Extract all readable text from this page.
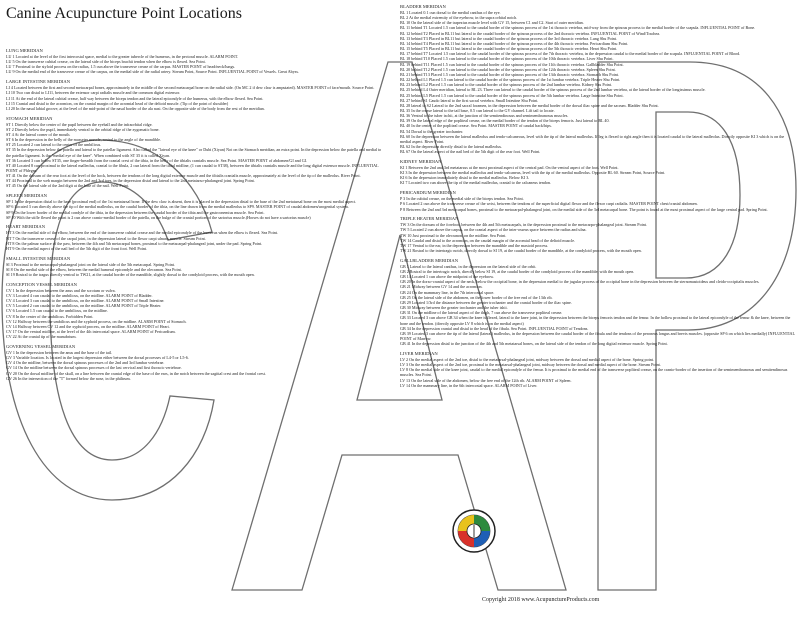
Canine Acupuncture Point Locations
LUNG MERIDIAN
LU 1 Located at the level of the first intercostal space, medial to the greater tubercle of the humerus, in the pectoral muscle. ALARM POINT.
LU 5 On the transverse cubital crease, on the lateral side of the biceps brachii tendon when the elbow is flexed. Sea Point.
LU 7 Proximal to the styloid process on the radius, 1.5 cun above the transverse crease of the carpus. MASTER POINT of head/neck/lungs.
LU 9 On the medial end of the transverse crease of the carpus, on the medial side of the radial artery. Stream Point, Source Point. INFLUENTIAL POINT of Vessels. Great Abyss.
LARGE INTESTINE MERIDIAN
LI 4 Located between the first and second metacarpal bones, approximately in the middle of the second metacarpal bone on the radial side. (On MC 2 if dew claw is amputated). MASTER POINT of face/mouth. Source Point.
LI 10 Two cun distal to LI11, between the extensor carpi radialis muscle and the common digital extensor.
LI 11 At the end of the lateral cubital crease, half way between the biceps tendon and the lateral epicondyle of the humerus, with the elbow flexed. Sea Point.
LI 15 Cranial and distal to the acromion, on the cranial margin of the acromial head of the deltoid muscle. (Tip of the point of shoulder)
LI 20 In the nasal labial groove, at the level of the mid-point of the nasal border of the ala nasi. On the opposite side of the body from the rest of the meridian.
STOMACH MERIDIAN
ST 1 Directly below the center of the pupil between the eyeball and the infraorbital ridge.
ST 2 Directly below the pupil, immediately ventral to the orbital ridge of the zygomatic bone.
ST 4 At the lateral corner of the mouth.
ST 6 In the depression in the belly of the masseter muscle, rostral to the angle of the mandible.
ST 25 Located 2 cun lateral to the center of the umbilicus.
ST 35 In the depression below the patella and lateral to the patellar ligament. Also called the "lateral eye of the knee" or Dubi (Xiyan) Not on the Stomach meridian, an extra point. In the depression below the patella and medial to the patellar ligament. Is the "medial eye of the knee". When combined with ST 35 it is called Xiyan.
ST 36 Located 3 cun below ST35, one finger-breadth from the cranial crest of the tibia, in the belly of the tibialis cranialis muscle. Sea Point. MASTER POINT of abdomen/GI and GI.
ST 40 Located 8 cun proximal to the lateral malleolus, cranial to the fibula, 2 cun lateral from the tibial midline, (1 cun caudal to ST38), between the tibialis cranialis muscle and the long digital extensor muscle. INFLUENTIAL POINT of Phlegm.
ST 41 On the dorsum of the rear foot at the level of the hock, between the tendons of the long digital extensor muscle and the tibialis cranialis muscle, approximately at the level of the tip of the malleolus. River Point.
ST 44 Proximal to the web margin between the 2nd and 3rd toes, in the depression distal and lateral to the 2nd metatarso-phalangeal joint. Spring Point.
ST 45 On the lateral side of the 2nd digit at the base of the nail. Well Point.
SPLEEN MERIDIAN
SP 1 In the depression distal to the base (proximal end) of the 1st metatarsal bone. If the dew claw is absent, then it is placed in the depression distal to the base of the 2nd metatarsal bone on the most medial aspect.
SP 6 Located 3 cun directly above the tip of the medial malleolus, on the caudal border of the tibia, on the line drawn from the medial malleolus to SP9. MASTER POINT of caudal abdomen/urogenital system.
SP 9 On the lower border of the medial condyle of the tibia, in the depression between the caudal border of the tibia and the gastrocnemius muscle. Sea Point.
SP 10 With the stifle flexed the point is 2 cun above cranio-medial border of the patella, on the bulge of the cranial portion of the sartorius muscle.(Horses do not have a sartorius muscle)
HEART MERIDIAN
HT 3 On the medial side of the elbow, between the end of the transverse cubital crease and the medial epicondyle of the humerus when the elbow is flexed. Sea Point.
HT 7 On the transverse crease of the carpal joint, in the depression lateral to the flexor carpi ulnaris muscle. Stream Point.
HT 8 On the palmar surface of the paw, between the 4th and 5th metacarpal bones, proximal to the metacarpal-phalangeal joint, under the pad. Spring Point.
HT 9 On the medial aspect of the nail bed of the 5th digit of the front foot. Well Point.
SMALL INTESTINE MERIDIAN
SI 3 Proximal to the metacarpal-phalangeal joint on the lateral side of the 5th metacarpal. Spring Point.
SI 8 On the medial side of the elbow, between the medial humeral epicondyle and the olecranon. Sea Point.
SI 19 Rostral to the tragus directly ventral to TW21, at the caudal border of the mandible, slightly dorsal to the condyloid process, with the mouth open.
CONCEPTION VESSEL MERIDIAN
CV 1 In the depression between the anus and the scrotum or vulva.
CV 3 Located 4 cun caudal to the umbilicus, on the midline. ALARM POINT of Bladder.
CV 4 Located 3 cun caudal to the umbilicus, on the midline. ALARM POINT of Small Intestine.
CV 5 Located 2 cun caudal to the umbilicus, on the midline. ALARM POINT of Triple Heater.
CV 6 Located 1.5 cun caudal to the umbilicus, on the midline.
CV 8 In the center of the umbilicus. Forbidden Point.
CV 12 Halfway between the umbilicus and the xyphoid process, on the midline. ALARM POINT of Stomach.
CV 14 Halfway between CV 12 and the xyphoid process, on the midline. ALARM POINT of Heart.
CV 17 On the ventral midline, at the level of the 4th intercostal space. ALARM POINT of Pericardium.
CV 22 At the cranial tip of the manubrium.
GOVERNING VESSEL MERIDIAN
GV 1 In the depression between the anus and the base of the tail.
GV 3 Variable location. Is located in the largest depression either between the dorsal processes of L4-5 or L5-6.
GV 4 On the midline, between the dorsal spinous processes of the 2nd and 3rd lumbar vertebrae.
GV 14 On the midline between the dorsal spinous processes of the last cervical and first thoracic vertebrae.
GV 20 On the dorsal midline of the skull, on a line between the cranial edge of the base of the ears, in the notch between the sagittal crest and the frontal crest.
GV 26 In the intersection of the "T" formed below the nose, in the philtrum.
BLADDER MERIDIAN
BL 1 Located 0.1 cun dorsal to the medial canthus of the eye.
BL 2 At the medial extremity of the eyebrow, in the supra orbital notch.
BL 10 On the lateral side of the trapezius muscle level with GV 15, between C1 and C2. Start of outer meridian.
BL 11 behind T1 Located 1.5 cun lateral to the caudal border of the spinous process of the 1st thoracic vertebra, mid-way from the spinous process to the medial border of the scapula. INFLUENTIAL POINT of Bone.
BL 12 behind T2 Placed in BL11 but lateral to the caudal border of the spinous process of the 2nd thoracic vertebra. INFLUENTIAL POINT of Wind/Trachea.
BL 13 behind T3 Placed in BL11 but lateral to the caudal border of the spinous process of the 3rd thoracic vertebra. Lung Shu Point.
BL 14 behind T4 Placed in BL11 but lateral to the caudal border of the spinous process of the 4th thoracic vertebra. Pericardium Shu Point.
BL 15 behind T5 Placed in BL11 but lateral to the caudal border of the spinous process of the 5th thoracic vertebra. Heart Shu Point.
BL 17 behind T7 Located 1.5 cun lateral to the caudal border of the spinous process of the 7th thoracic vertebra, in the depression caudal to the medial border of the scapula. INFLUENTIAL POINT of Blood.
BL 18 behind T10 Placed 1.5 cun lateral to the caudal border of the spinous process of the 10th thoracic vertebra. Liver Shu Point.
BL 19 behind T11 Placed 1.5 cun lateral to the caudal border of the spinous process of the 11th thoracic vertebra. Gallbladder Shu Point.
BL 20 behind T12 Placed 1.5 cun lateral to the caudal border of the spinous process of the 12th thoracic vertebra. Spleen Shu Point.
BL 21 behind T13 Placed 1.5 cun lateral to the caudal border of the spinous process of the 13th thoracic vertebra. Stomach Shu Point.
BL 22 behind L1 Placed 1.5 cun lateral to the caudal border of the spinous process of the 1st lumbar vertebra. Triple Heater Shu Point.
BL 23 behind L2 Placed 1.5 cun lateral to the caudal border of the spinous process of the 2nd lumbar vertebra. Kidney Shu Point.
BL 25 behind L4 Outer meridian, lateral to BL 23. Three cun lateral to the caudal border of the spinous process of the 2nd lumbar vertebra, at the lateral border of the longissimus muscle.
BL 25 behind L5 Placed 1.5 cun lateral to the caudal border of the spinous process of the 5th lumbar vertebra. Large Intestine Shu Point.
BL 27 behind S1 Caudo lateral to the first sacral vertebra. Small Intestine Shu Point.
BL 28 lateral to S2 Lateral to the 2nd sacral foramen, in the depression between the medial border of the dorsal iliac spine and the sacrum. Bladder Shu Point.
BL 35 In the crease lateral to the tail base, 0.5 cun lateral to the GV channel. Lift tail to locate.
BL 36 Ventral to the tuber ischii, at the junction of the semitendinosus and semimembranosus muscles.
BL 39 On the lateral edge of the popliteal crease, on the medial border of the tendon of the biceps femoris. Just lateral to BL 40.
BL 40 In the center of the popliteal crease. Sea Point. MASTER POINT of caudal back/hips.
BL 54 Dorsal to the greater trochanter.
BL 60 In the depression between the lateral malleolus and tendo-calcaneous, level with the tip of the lateral malleolus. If leg is flexed to right angle then it is located caudal to the lateral malleolus. Directly opposite KI 3 which is on the medial aspect. River Point.
BL 62 In the depression directly distal to the lateral malleolus.
BL 67 On the lateral aspect of the nail bed of the 5th digit of the rear foot. Well Point.
KIDNEY MERIDIAN
KI 1 Between the 2nd and 3rd metatarsus at the most proximal aspect of the central pad. On the ventral aspect of the foot. Well Point.
KI 3 In the depression between the medial malleolus and tendo-calcaneus, level with the tip of the medial malleolus. Opposite BL 60. Stream Point, Source Point.
KI 6 In the depression immediately distal to the medial malleolus. Below KI 3.
KI 7 Located two cun above the tip of the medial malleolus, cranial to the calcaneus tendon.
PERICARDIUM MERIDIAN
P 3 In the cubital crease, on the medial side of the biceps tendon. Sea Point.
P 6 Located 2 cun above the transverse crease of the wrist, between the tendons of the superficial digital flexor and the flexor carpi radialis. MASTER POINT chest/cranial abdomen.
P 8 Between the 2nd and 3rd metacarpal bones, proximal to the metacarpal-phalangeal joint, on the medial side of the 3rd metacarpal bone. The point is found at the most proximal aspect of the large central pad. Spring Point.
TRIPLE HEATER MERIDIAN
TW 3 On the dorsum of the forefoot, between the 4th and 5th metacarpals, in the depression proximal to the metacarpo-phalangeal joint. Stream Point.
TW 5 Located 2 cun above the carpus, on the cranial aspect of the inter-osseus space between the radius and ulna.
TW 10 Just proximal to the olecranon, on the midline. Sea Point.
TW 14 Caudal and distal to the acromion, on the caudal margin of the acromial head of the deltoid muscle.
TW 17 Ventral to the ear, in the depression between the mandible and the mastoid process.
TW 21 Rostral to the intertragic notch, directly dorsal to SI 19, at the caudal border of the mandible, at the condyloid process, with the mouth open.
GALLBLADDER MERIDIAN
GB 1 Lateral to the lateral canthus, in the depression on the lateral side of the orbit.
GB 2 Rostral to the intertragic notch, directly below SI 19, at the caudal border of the condyloid process of the mandible, with the mouth open.
GB 14 Located 1 cun above the midpoint of the eyebrow.
GB 20 In the dorso-cranial aspect of the neck, below the occipital bone, in the depression medial to the jugular process of the occipital bone in the depression between the sternomastoideus and cleido-occipitalis muscles.
GB 21 Midway between GV 14 and the acromion.
GB 24 On the mammary line, in the 7th intercostal space.
GB 25 On the lateral side of the abdomen, on the lower border of the free end of the 13th rib.
GB 29 Located 1/3rd the distance between the greater trochanter and the cranial border of the iliac spine.
GB 30 Midway between the greater trochanter and the tuber ishii.
GB 31 On the midline of the lateral aspect of the thigh, 7 cun above the transverse popliteal crease.
GB 33 Located 3 cun above GB 34 when the knee is flexed, lateral to the knee joint, in the depression between the biceps femoris tendon and the femur. In the hollow proximal to the lateral epicondyle of the femur & the knee, between the bone and the tendon. (directly opposite LV 8 which is on the medial aspect)
GB 34 In the depression cranial and distal to the head of the fibula. Sea Point. INFLUENTIAL POINT of Tendons.
GB 39 Located 3 cun above the tip of the lateral (lateral) malleolus, in the depression between the caudal border of the fibula and the tendons of the peroneus longus and brevis muscles. (opposite SP 6 on which lies medially) INFLUENTIAL POINT of Marrow.
GB 41 In the depression distal to the junction of the 4th and 5th metatarsal bones, on the lateral side of the tendon of the long digital extensor muscle. Spring Point.
LIVER MERIDIAN
LV 2 On the medial aspect of the 2nd toe, distal to the metatarsal-phalangeal joint, midway between the dorsal and medial aspect of the bone. Spring point.
LV 3 On the medial aspect of the 2nd toe, proximal to the metatarsal-phalangeal joint, midway between the dorsal and medial aspect of the bone. Stream Point.
LV 8 On the medial side of the knee joint, caudal to the medial epicondyle of the femur. It is proximal to the medial end of the transverse popliteal crease, on the cranio-border of the insertion of the semimembranosus and semitendinosus muscles. Sea Point.
LV 13 On the lateral side of the abdomen, below the free end of the 12th rib. ALARM POINT of Spleen.
LV 14 On the mammary line, in the 6th intercostal space. ALARM POINT of Liver.
Copyright 2018 www.AcupunctureProducts.com
